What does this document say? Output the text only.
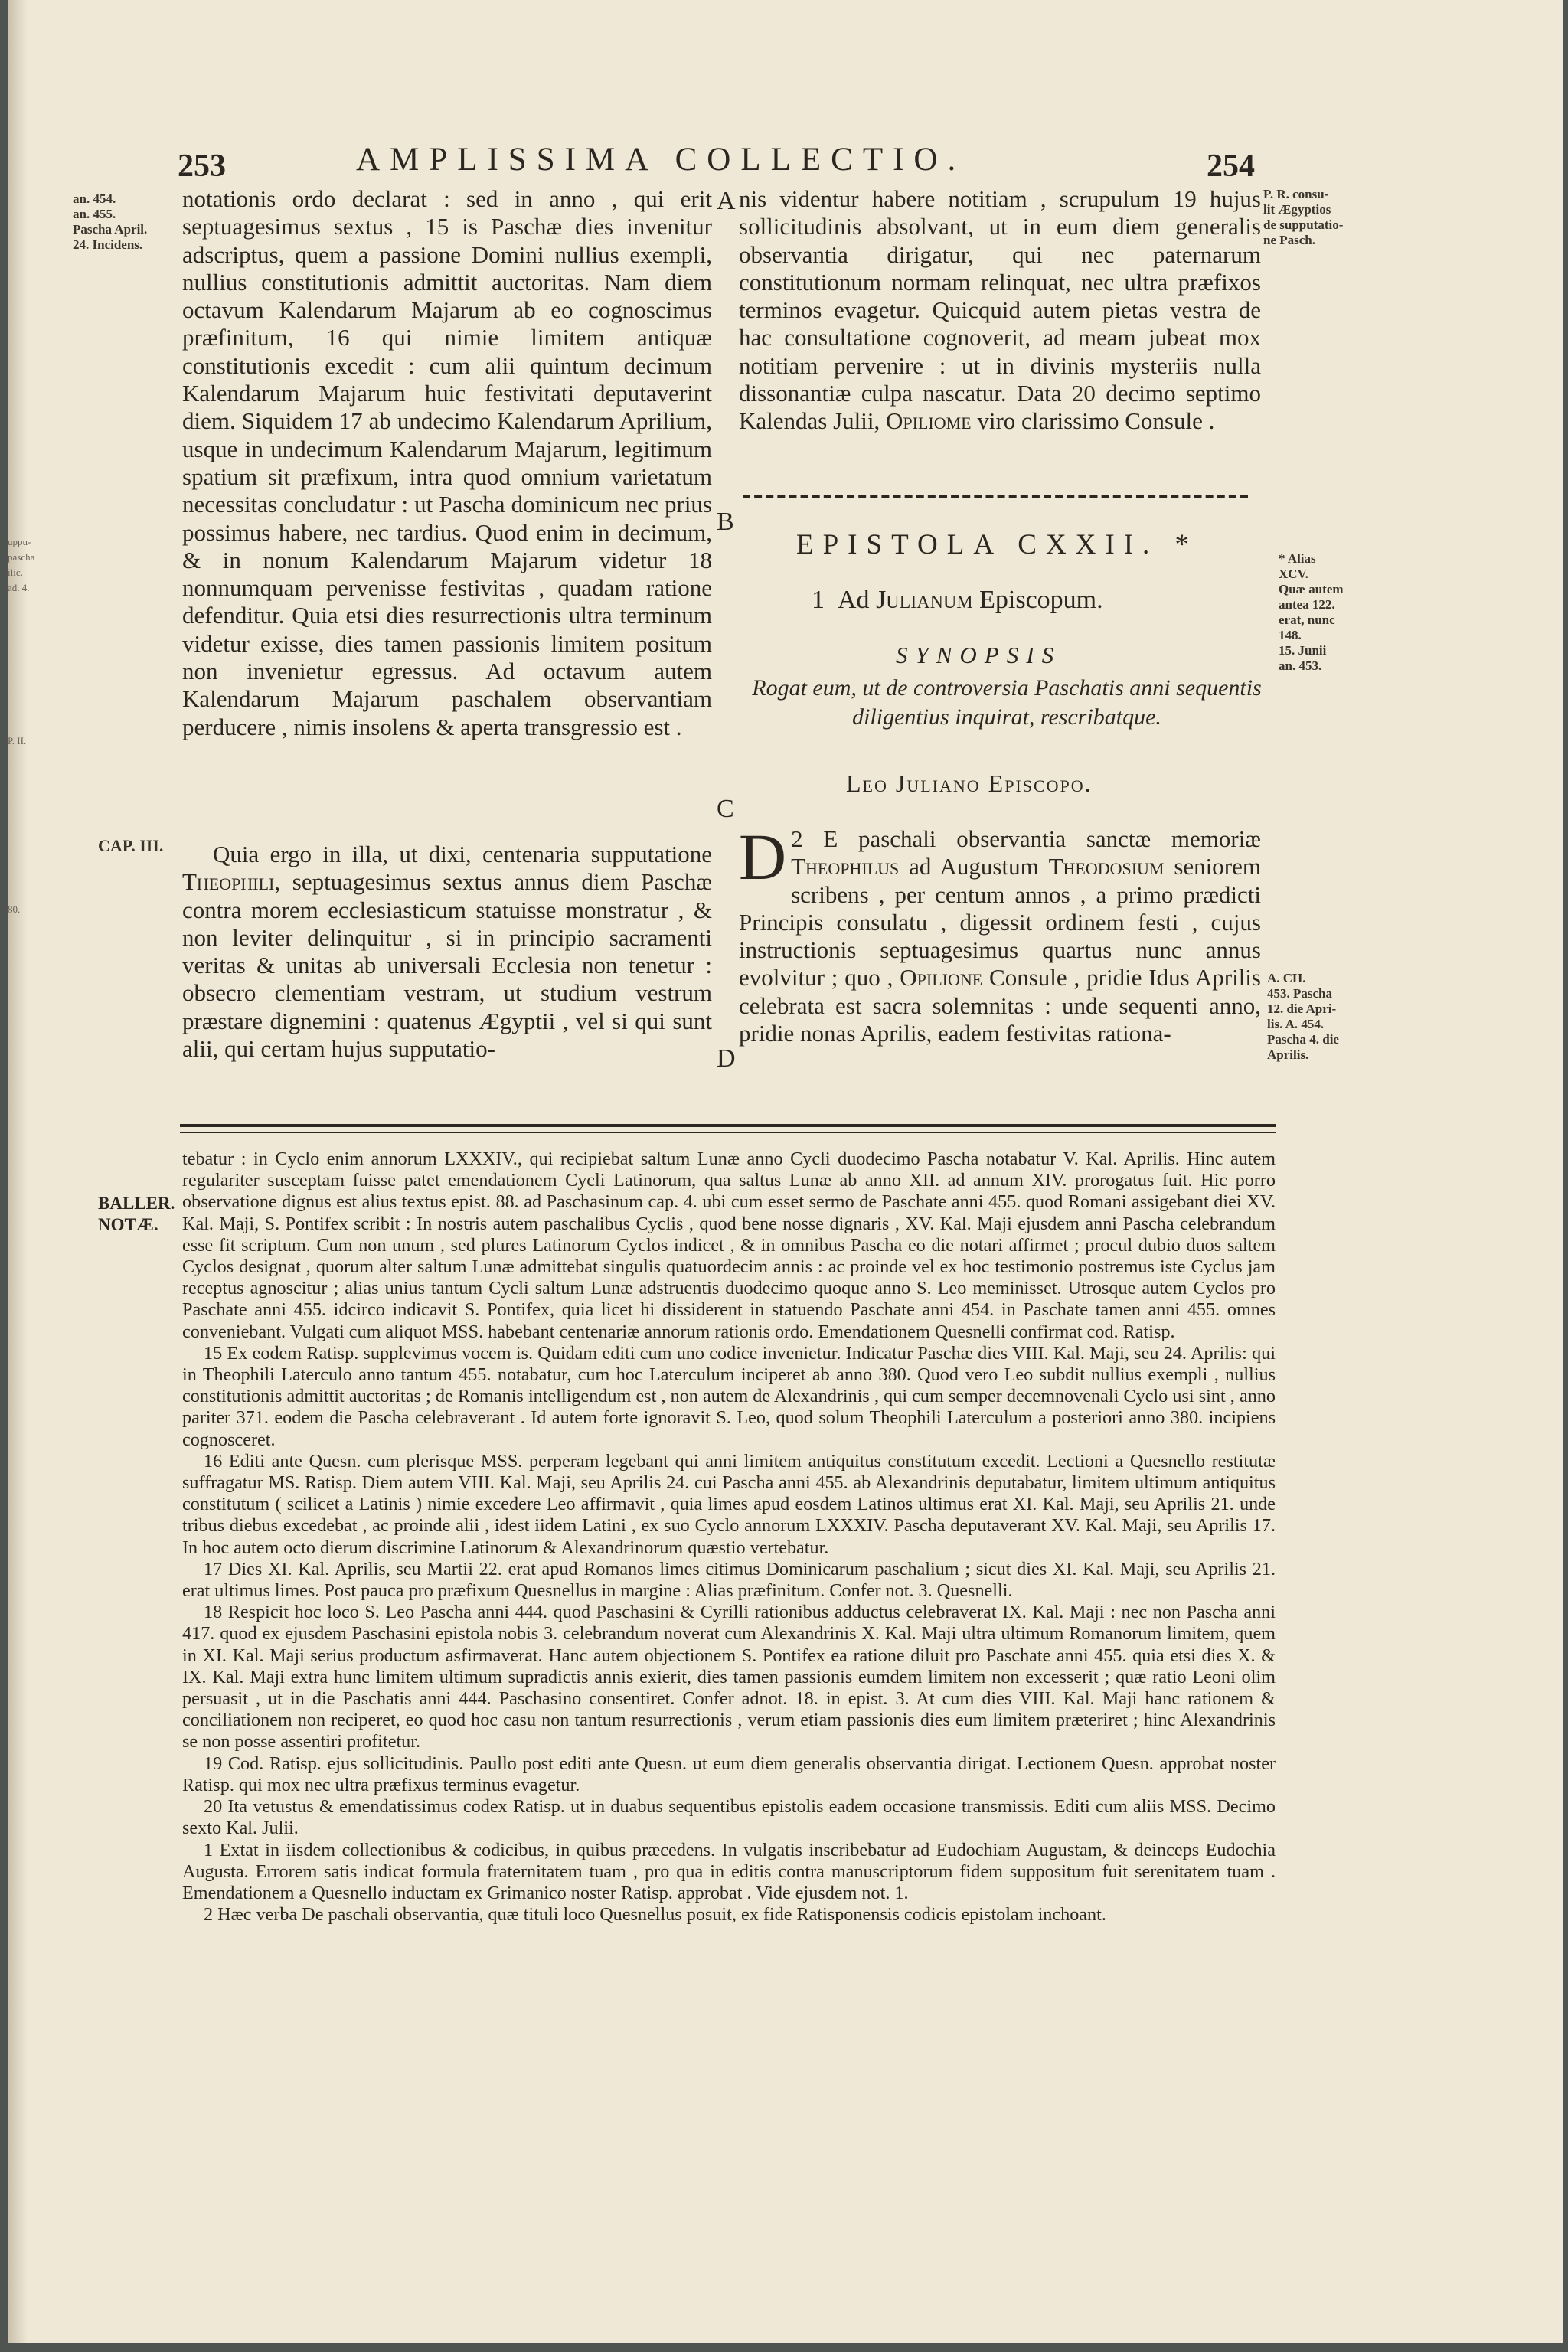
uppu-
pascha
ilic.
ad. 4.
P. II.
80.
253	AMPLISSIMA COLLECTIO.	254
an. 454.
an. 455.
Pascha April.
24. Incidens.
CAP. III.
notationis ordo declarat : sed in anno , qui erit septuagesimus sextus , 15 is Paschæ dies invenitur adscriptus, quem a passione Domini nullius exempli, nullius constitutionis admittit auctoritas. Nam diem octavum Kalendarum Majarum ab eo cognoscimus præfinitum, 16 qui nimie limitem antiquæ constitutionis excedit : cum alii quintum decimum Kalendarum Majarum huic festivitati deputaverint diem. Siquidem 17 ab undecimo Kalendarum Aprilium, usque in undecimum Kalendarum Majarum, legitimum spatium sit præfixum, intra quod omnium varietatum necessitas concludatur : ut Pascha dominicum nec prius possimus habere, nec tardius. Quod enim in decimum, & in nonum Kalendarum Majarum videtur 18 nonnumquam pervenisse festivitas , quadam ratione defenditur. Quia etsi dies resurrectionis ultra terminum videtur exisse, dies tamen passionis limitem positum non invenietur egressus. Ad octavum autem Kalendarum Majarum paschalem observantiam perducere , nimis insolens & aperta transgressio est .

Quia ergo in illa, ut dixi, centenaria supputatione Theophili, septuagesimus sextus annus diem Paschæ contra morem ecclesiasticum statuisse monstratur , & non leviter delinquitur , si in principio sacramenti veritas & unitas ab universali Ecclesia non tenetur : obsecro clementiam vestram, ut studium vestrum præstare dignemini : quatenus Ægyptii , vel si qui sunt alii, qui certam hujus supputatio-

A
B
C
D

nis videntur habere notitiam , scrupulum 19 hujus sollicitudinis absolvant, ut in eum diem generalis observantia dirigatur, qui nec paternarum constitutionum normam relinquat, nec ultra præfixos terminos evagetur. Quicquid autem pietas vestra de hac consultatione cognoverit, ad meam jubeat mox notitiam pervenire : ut in divinis mysteriis nulla dissonantiæ culpa nascatur. Data 20 decimo septimo Kalendas Julii, Opiliome viro clarissimo Consule .

P. R. consu-
lit Ægyptios
de supputatio-
ne Pasch.
EPISTOLA CXXII. *
1 Ad Julianum Episcopum.
SYNOPSIS
Rogat eum, ut de controversia Paschatis anni sequentis diligentius inquirat, rescribatque.
Leo Juliano Episcopo.
* Alias
XCV.
Quæ autem
antea 122.
erat, nunc
148.
15. Junii
an. 453.

2
D E paschali observantia sanctæ memoriæ Theophilus ad Augustum Theodosium seniorem scribens , per centum annos , a primo prædicti Principis consulatu , digessit ordinem festi , cujus instructionis septuagesimus quartus nunc annus evolvitur ; quo , Opilione Consule , pridie Idus Aprilis celebrata est sacra solemnitas : unde sequenti anno, pridie nonas Aprilis, eadem festivitas rationa-

A. CH.
453. Pascha
12. die Apri-
lis. A. 454.
Pascha 4. die
Aprilis.
BALLER.
NOTÆ.

tebatur : in Cyclo enim annorum LXXXIV., qui recipiebat saltum Lunæ anno Cycli duodecimo Pascha notabatur V. Kal. Aprilis. Hinc autem regulariter susceptam fuisse patet emendationem Cycli Latinorum, qua saltus Lunæ ab anno XII. ad annum XIV. prorogatus fuit. Hic porro observatione dignus est alius textus epist. 88. ad Paschasinum cap. 4. ubi cum esset sermo de Paschate anni 455. quod Romani assigebant diei XV. Kal. Maji, S. Pontifex scribit : In nostris autem paschalibus Cyclis , quod bene nosse dignaris , XV. Kal. Maji ejusdem anni Pascha celebrandum esse fit scriptum. Cum non unum , sed plures Latinorum Cyclos indicet , & in omnibus Pascha eo die notari affirmet ; procul dubio duos saltem Cyclos designat , quorum alter saltum Lunæ admittebat singulis quatuordecim annis : ac proinde vel ex hoc testimonio postremus iste Cyclus jam receptus agnoscitur ; alias unius tantum Cycli saltum Lunæ adstruentis duodecimo quoque anno S. Leo meminisset. Utrosque autem Cyclos pro Paschate anni 455. idcirco indicavit S. Pontifex, quia licet hi dissiderent in statuendo Paschate anni 454. in Paschate tamen anni 455. omnes conveniebant. Vulgati cum aliquot MSS. habebant centenariæ annorum rationis ordo. Emendationem Quesnelli confirmat cod. Ratisp.

15 Ex eodem Ratisp. supplevimus vocem is. Quidam editi cum uno codice invenietur. Indicatur Paschæ dies VIII. Kal. Maji, seu 24. Aprilis: qui in Theophili Laterculo anno tantum 455. notabatur, cum hoc Laterculum inciperet ab anno 380. Quod vero Leo subdit nullius exempli , nullius constitutionis admittit auctoritas ; de Romanis intelligendum est , non autem de Alexandrinis , qui cum semper decemnovenali Cyclo usi sint , anno pariter 371. eodem die Pascha celebraverant . Id autem forte ignoravit S. Leo, quod solum Theophili Laterculum a posteriori anno 380. incipiens cognosceret.

16 Editi ante Quesn. cum plerisque MSS. perperam legebant qui anni limitem antiquitus constitutum excedit. Lectioni a Quesnello restitutæ suffragatur MS. Ratisp. Diem autem VIII. Kal. Maji, seu Aprilis 24. cui Pascha anni 455. ab Alexandrinis deputabatur, limitem ultimum antiquitus constitutum ( scilicet a Latinis ) nimie excedere Leo affirmavit , quia limes apud eosdem Latinos ultimus erat XI. Kal. Maji, seu Aprilis 21. unde tribus diebus excedebat , ac proinde alii , idest iidem Latini , ex suo Cyclo annorum LXXXIV. Pascha deputaverant XV. Kal. Maji, seu Aprilis 17. In hoc autem octo dierum discrimine Latinorum & Alexandrinorum quæstio vertebatur.

17 Dies XI. Kal. Aprilis, seu Martii 22. erat apud Romanos limes citimus Dominicarum paschalium ; sicut dies XI. Kal. Maji, seu Aprilis 21. erat ultimus limes. Post pauca pro præfixum Quesnellus in margine : Alias præfinitum. Confer not. 3. Quesnelli.

18 Respicit hoc loco S. Leo Pascha anni 444. quod Paschasini & Cyrilli rationibus adductus celebraverat IX. Kal. Maji : nec non Pascha anni 417. quod ex ejusdem Paschasini epistola nobis 3. celebrandum noverat cum Alexandrinis X. Kal. Maji ultra ultimum Romanorum limitem, quem in XI. Kal. Maji serius productum asfirmaverat. Hanc autem objectionem S. Pontifex ea ratione diluit pro Paschate anni 455. quia etsi dies X. & IX. Kal. Maji extra hunc limitem ultimum supradictis annis exierit, dies tamen passionis eumdem limitem non excesserit ; quæ ratio Leoni olim persuasit , ut in die Paschatis anni 444. Paschasino consentiret. Confer adnot. 18. in epist. 3. At cum dies VIII. Kal. Maji hanc rationem & conciliationem non reciperet, eo quod hoc casu non tantum resurrectionis , verum etiam passionis dies eum limitem præteriret ; hinc Alexandrinis se non posse assentiri profitetur.

19 Cod. Ratisp. ejus sollicitudinis. Paullo post editi ante Quesn. ut eum diem generalis observantia dirigat. Lectionem Quesn. approbat noster Ratisp. qui mox nec ultra præfixus terminus evagetur.

20 Ita vetustus & emendatissimus codex Ratisp. ut in duabus sequentibus epistolis eadem occasione transmissis. Editi cum aliis MSS. Decimo sexto Kal. Julii.

1 Extat in iisdem collectionibus & codicibus, in quibus præcedens. In vulgatis inscribebatur ad Eudochiam Augustam, & deinceps Eudochia Augusta. Errorem satis indicat formula fraternitatem tuam , pro qua in editis contra manuscriptorum fidem suppositum fuit serenitatem tuam . Emendationem a Quesnello inductam ex Grimanico noster Ratisp. approbat . Vide ejusdem not. 1.

2 Hæc verba De paschali observantia, quæ tituli loco Quesnellus posuit, ex fide Ratisponensis codicis epistolam inchoant.
